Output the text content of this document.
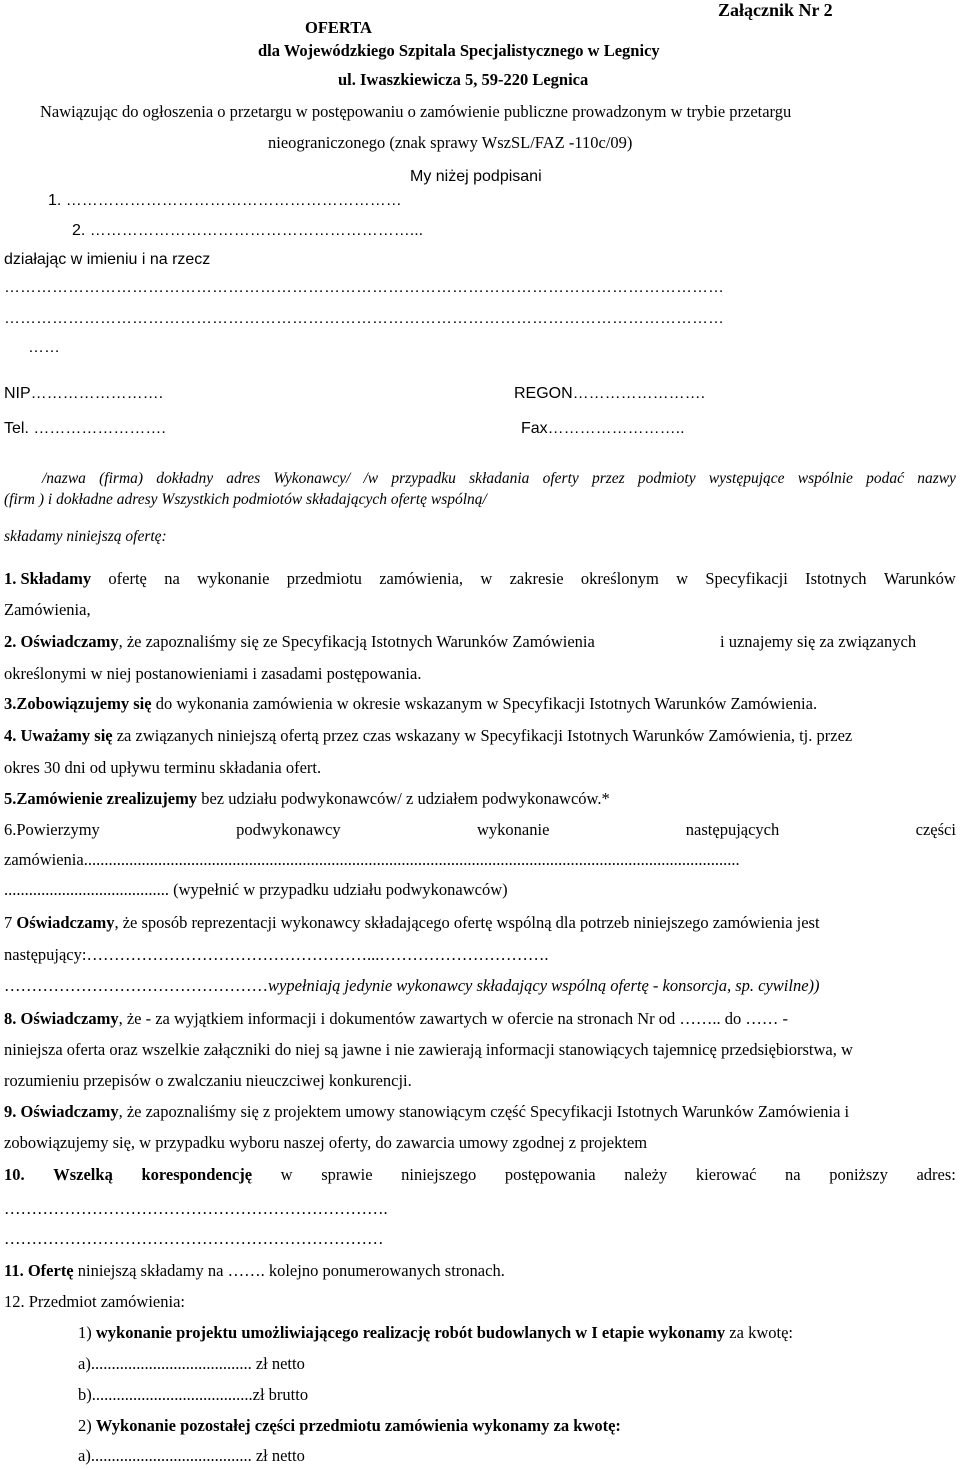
Załącznik Nr 2
OFERTA
dla Wojewódzkiego Szpitala Specjalistycznego w Legnicy
ul. Iwaszkiewicza 5, 59-220 Legnica
Nawiązując do ogłoszenia o przetargu w postępowaniu o zamówienie publiczne prowadzonym w trybie przetargu
nieograniczonego (znak sprawy WszSL/FAZ -110c/09)
My niżej podpisani
1. ………………………………………………………
2. ……………………………………………………...
działając w imieniu i na rzecz
………………………………………………………………………………………………………………………
………………………………………………………………………………………………………………………
……
NIP…………………….	REGON…………………….
Tel. …………………….	Fax……………………..
/nazwa (firma) dokładny adres Wykonawcy/ /w przypadku składania oferty przez podmioty występujące wspólnie podać nazwy
(firm ) i dokładne adresy Wszystkich podmiotów składających ofertę wspólną/
składamy niniejszą ofertę:
1. Składamy ofertę na wykonanie przedmiotu zamówienia, w zakresie określonym w Specyfikacji Istotnych Warunków
Zamówienia,
2. Oświadczamy, że zapoznaliśmy się ze Specyfikacją Istotnych Warunków Zamówienia	i uznajemy się za związanych
określonymi w niej postanowieniami i zasadami postępowania.
3.Zobowiązujemy się do wykonania zamówienia w okresie wskazanym w Specyfikacji Istotnych Warunków Zamówienia.
4. Uważamy się za związanych niniejszą ofertą przez czas wskazany w Specyfikacji Istotnych Warunków Zamówienia, tj. przez
okres 30 dni od upływu terminu składania ofert.
5.Zamówienie zrealizujemy bez udziału podwykonawców/ z udziałem podwykonawców.*
6.Powierzymy	podwykonawcy	wykonanie	następujących	części
zamówienia...............................................................................................................................................................
........................................ (wypełnić w przypadku udziału podwykonawców)
7 Oświadczamy, że sposób reprezentacji wykonawcy składającego ofertę wspólną dla potrzeb niniejszego zamówienia jest
następujący:……………………………………………...………………………….
…………………………………………wypełniają jedynie wykonawcy składający wspólną ofertę - konsorcja, sp. cywilne))
8. Oświadczamy, że - za wyjątkiem informacji i dokumentów zawartych w ofercie na stronach Nr od …….. do …… -
niniejsza oferta oraz wszelkie załączniki do niej są jawne i nie zawierają informacji stanowiących tajemnicę przedsiębiorstwa, w
rozumieniu przepisów o zwalczaniu nieuczciwej konkurencji.
9. Oświadczamy, że zapoznaliśmy się z projektem umowy stanowiącym część Specyfikacji Istotnych Warunków Zamówienia i
zobowiązujemy się, w przypadku wyboru naszej oferty, do zawarcia umowy zgodnej z projektem
10. Wszelką korespondencję w sprawie niniejszego postępowania należy kierować na poniższy adres:
…………………………………………………………….
……………………………………………………………
11. Ofertę niniejszą składamy na ……. kolejno ponumerowanych stronach.
12. Przedmiot zamówienia:
1) wykonanie projektu umożliwiającego realizację robót budowlanych w I etapie wykonamy za kwotę:
a)....................................... zł netto
b).......................................zł brutto
2) Wykonanie pozostałej części przedmiotu zamówienia wykonamy za kwotę:
a)....................................... zł netto
